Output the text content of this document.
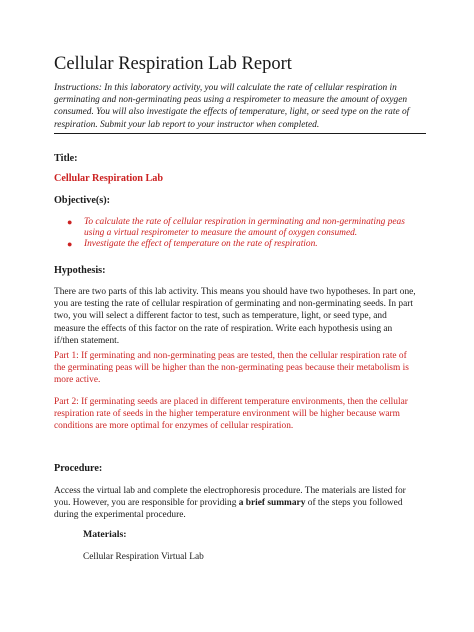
Cellular Respiration Lab Report
Instructions: In this laboratory activity, you will calculate the rate of cellular respiration in germinating and non-germinating peas using a respirometer to measure the amount of oxygen consumed. You will also investigate the effects of temperature, light, or seed type on the rate of respiration. Submit your lab report to your instructor when completed.
Title:
Cellular Respiration Lab
Objective(s):
● To calculate the rate of cellular respiration in germinating and non-germinating peas using a virtual respirometer to measure the amount of oxygen consumed.
● Investigate the effect of temperature on the rate of respiration.
Hypothesis:
There are two parts of this lab activity. This means you should have two hypotheses. In part one, you are testing the rate of cellular respiration of germinating and non-germinating seeds. In part two, you will select a different factor to test, such as temperature, light, or seed type, and measure the effects of this factor on the rate of respiration. Write each hypothesis using an if/then statement.
Part 1: If germinating and non-germinating peas are tested, then the cellular respiration rate of the germinating peas will be higher than the non-germinating peas because their metabolism is more active.
Part 2: If germinating seeds are placed in different temperature environments, then the cellular respiration rate of seeds in the higher temperature environment will be higher because warm conditions are more optimal for enzymes of cellular respiration.
Procedure:
Access the virtual lab and complete the electrophoresis procedure. The materials are listed for you. However, you are responsible for providing a brief summary of the steps you followed during the experimental procedure.
Materials:
Cellular Respiration Virtual Lab
